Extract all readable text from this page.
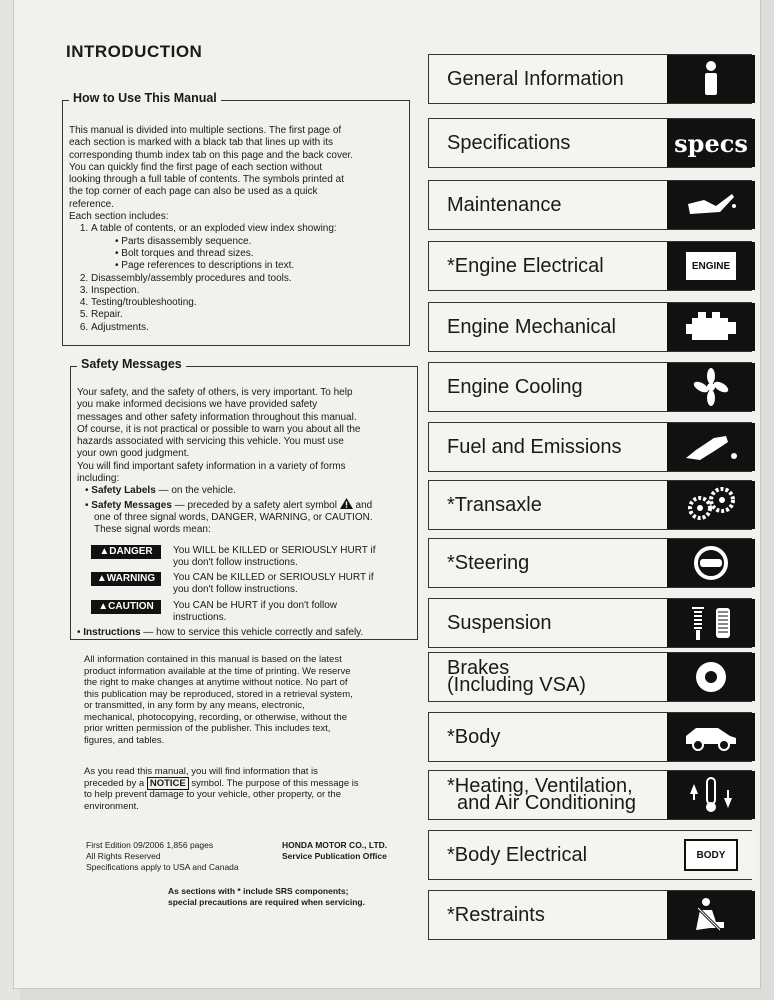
INTRODUCTION
How to Use This Manual
This manual is divided into multiple sections. The first page of
each section is marked with a black tab that lines up with its
corresponding thumb index tab on this page and the back cover.
You can quickly find the first page of each section without
looking through a full table of contents. The symbols printed at
the top corner of each page can also be used as a quick
reference.
Each section includes:
1. A table of contents, or an exploded view index showing:
• Parts disassembly sequence.
• Bolt torques and thread sizes.
• Page references to descriptions in text.
2. Disassembly/assembly procedures and tools.
3. Inspection.
4. Testing/troubleshooting.
5. Repair.
6. Adjustments.
Safety Messages
Your safety, and the safety of others, is very important. To help
you make informed decisions we have provided safety
messages and other safety information throughout this manual.
Of course, it is not practical or possible to warn you about all the
hazards associated with servicing this vehicle. You must use
your own good judgment.
You will find important safety information in a variety of forms
including:
• Safety Labels — on the vehicle.
• Safety Messages — preceded by a safety alert symbol  and
one of three signal words, DANGER, WARNING, or CAUTION.
These signal words mean:
▲DANGER	You WILL be KILLED or SERIOUSLY HURT if
you don't follow instructions.
▲WARNING	You CAN be KILLED or SERIOUSLY HURT if
you don't follow instructions.
▲CAUTION	You CAN be HURT if you don't follow
instructions.
• Instructions — how to service this vehicle correctly and safely.
All information contained in this manual is based on the latest
product information available at the time of printing. We reserve
the right to make changes at anytime without notice. No part of
this publication may be reproduced, stored in a retrieval system,
or transmitted, in any form by any means, electronic,
mechanical, photocopying, recording, or otherwise, without the
prior written permission of the publisher. This includes text,
figures, and tables.
As you read this manual, you will find information that is
preceded by a NOTICE symbol. The purpose of this message is
to help prevent damage to your vehicle, other property, or the
environment.
First Edition 09/2006 1,856 pages
All Rights Reserved
Specifications apply to USA and Canada
HONDA MOTOR CO., LTD.
Service Publication Office
As sections with * include SRS components;
special precautions are required when servicing.
General Information
Specifications	specs
Maintenance
*Engine Electrical	ENGINE
Engine Mechanical
Engine Cooling
Fuel and Emissions
*Transaxle
*Steering
Suspension
Brakes
(Including VSA)
*Body
*Heating, Ventilation,
and Air Conditioning
*Body Electrical	BODY
*Restraints
